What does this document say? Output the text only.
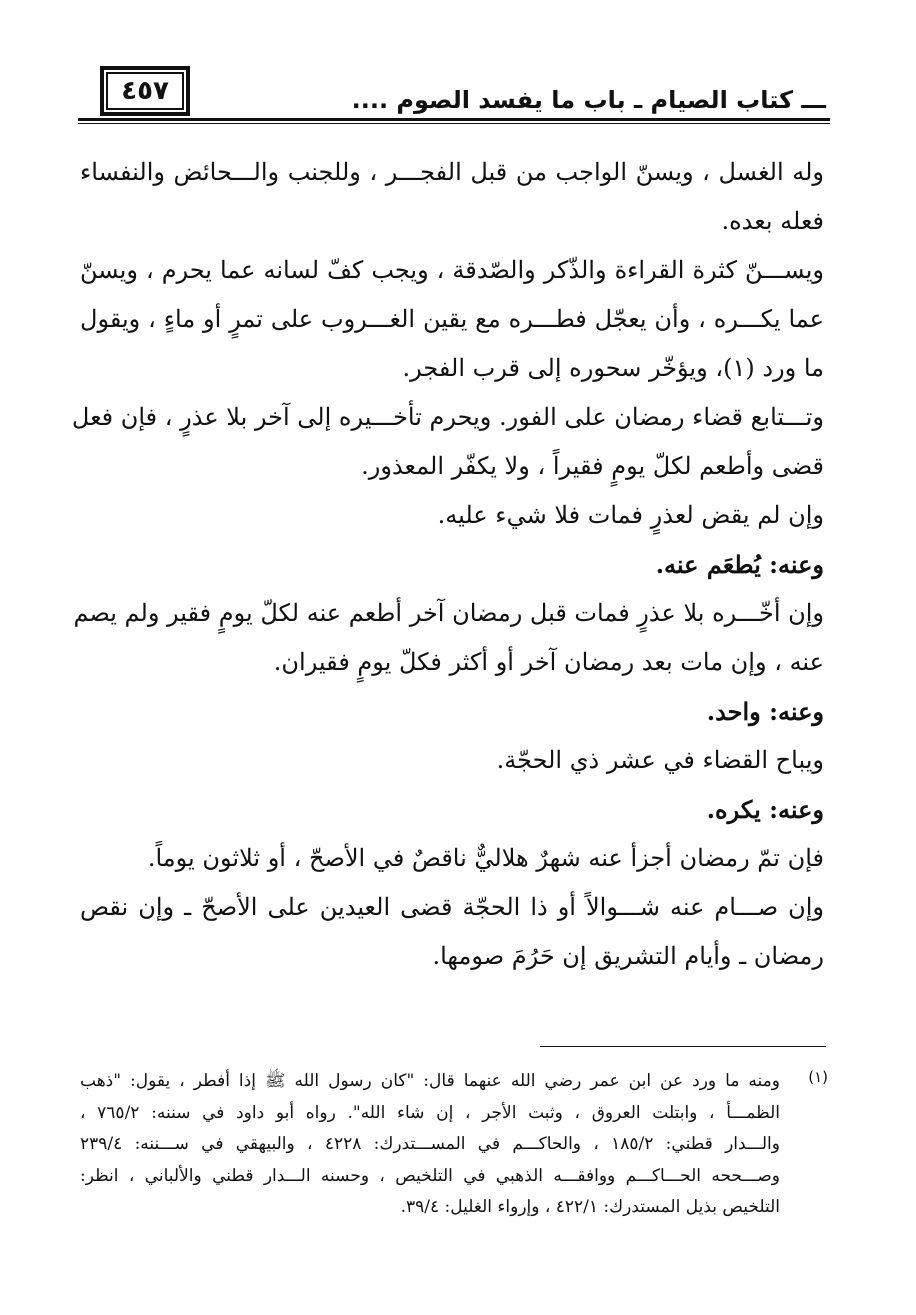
٤٥٧	ـــ كتاب الصيام ـ باب ما يفسد الصوم ....
وله الغسل ، ويسنّ الواجب من قبل الفجـــر ، وللجنب والـــحائض والنفساء
فعله بعده.
ويســـنّ كثرة القراءة والذّكر والصّدقة ، ويجب كفّ لسانه عما يحرم ، ويسنّ
عما يكـــره ، وأن يعجّل فطـــره مع يقين الغـــروب على تمرٍ أو ماءٍ ، ويقول
ما ورد (١)، ويؤخّر سحوره إلى قرب الفجر.
وتـــتابع قضاء رمضان على الفور. ويحرم تأخـــيره إلى آخر بلا عذرٍ ، فإن فعل
قضى وأطعم لكلّ يومٍ فقيراً ، ولا يكفّر المعذور.
وإن لم يقض لعذرٍ فمات فلا شيء عليه.
وعنه: يُطعَم عنه.
وإن أخّـــره بلا عذرٍ فمات قبل رمضان آخر أطعم عنه لكلّ يومٍ فقير ولم يصم
عنه ، وإن مات بعد رمضان آخر أو أكثر فكلّ يومٍ فقيران.
وعنه: واحد.
ويباح القضاء في عشر ذي الحجّة.
وعنه: يكره.
فإن تمّ رمضان أجزأ عنه شهرٌ هلاليٌّ ناقصٌ في الأصحّ ، أو ثلاثون يوماً.
وإن صـــام عنه شـــوالاً أو ذا الحجّة قضى العيدين على الأصحّ ـ وإن نقص
رمضان ـ وأيام التشريق إن حَرُمَ صومها.
(١)
ومنه ما ورد عن ابن عمر رضي الله عنهما قال: "كان رسول الله ﷺ إذا أفطر ، يقول: "ذهب
الظمـــأ ، وابتلت العروق ، وثبت الأجر ، إن شاء الله". رواه أبو داود في سننه: ٧٦٥/٢ ،
والـــدار قطني: ١٨٥/٢ ، والحاكـــم في المســـتدرك: ٤٢٢٨ ، والبيهقي في ســـننه: ٢٣٩/٤
وصـــححه الحـــاكـــم ووافقـــه الذهبي في التلخيص ، وحسنه الـــدار قطني والألباني ، انظر:
التلخيص بذيل المستدرك: ٤٢٢/١ ، وإرواء الغليل: ٣٩/٤.
